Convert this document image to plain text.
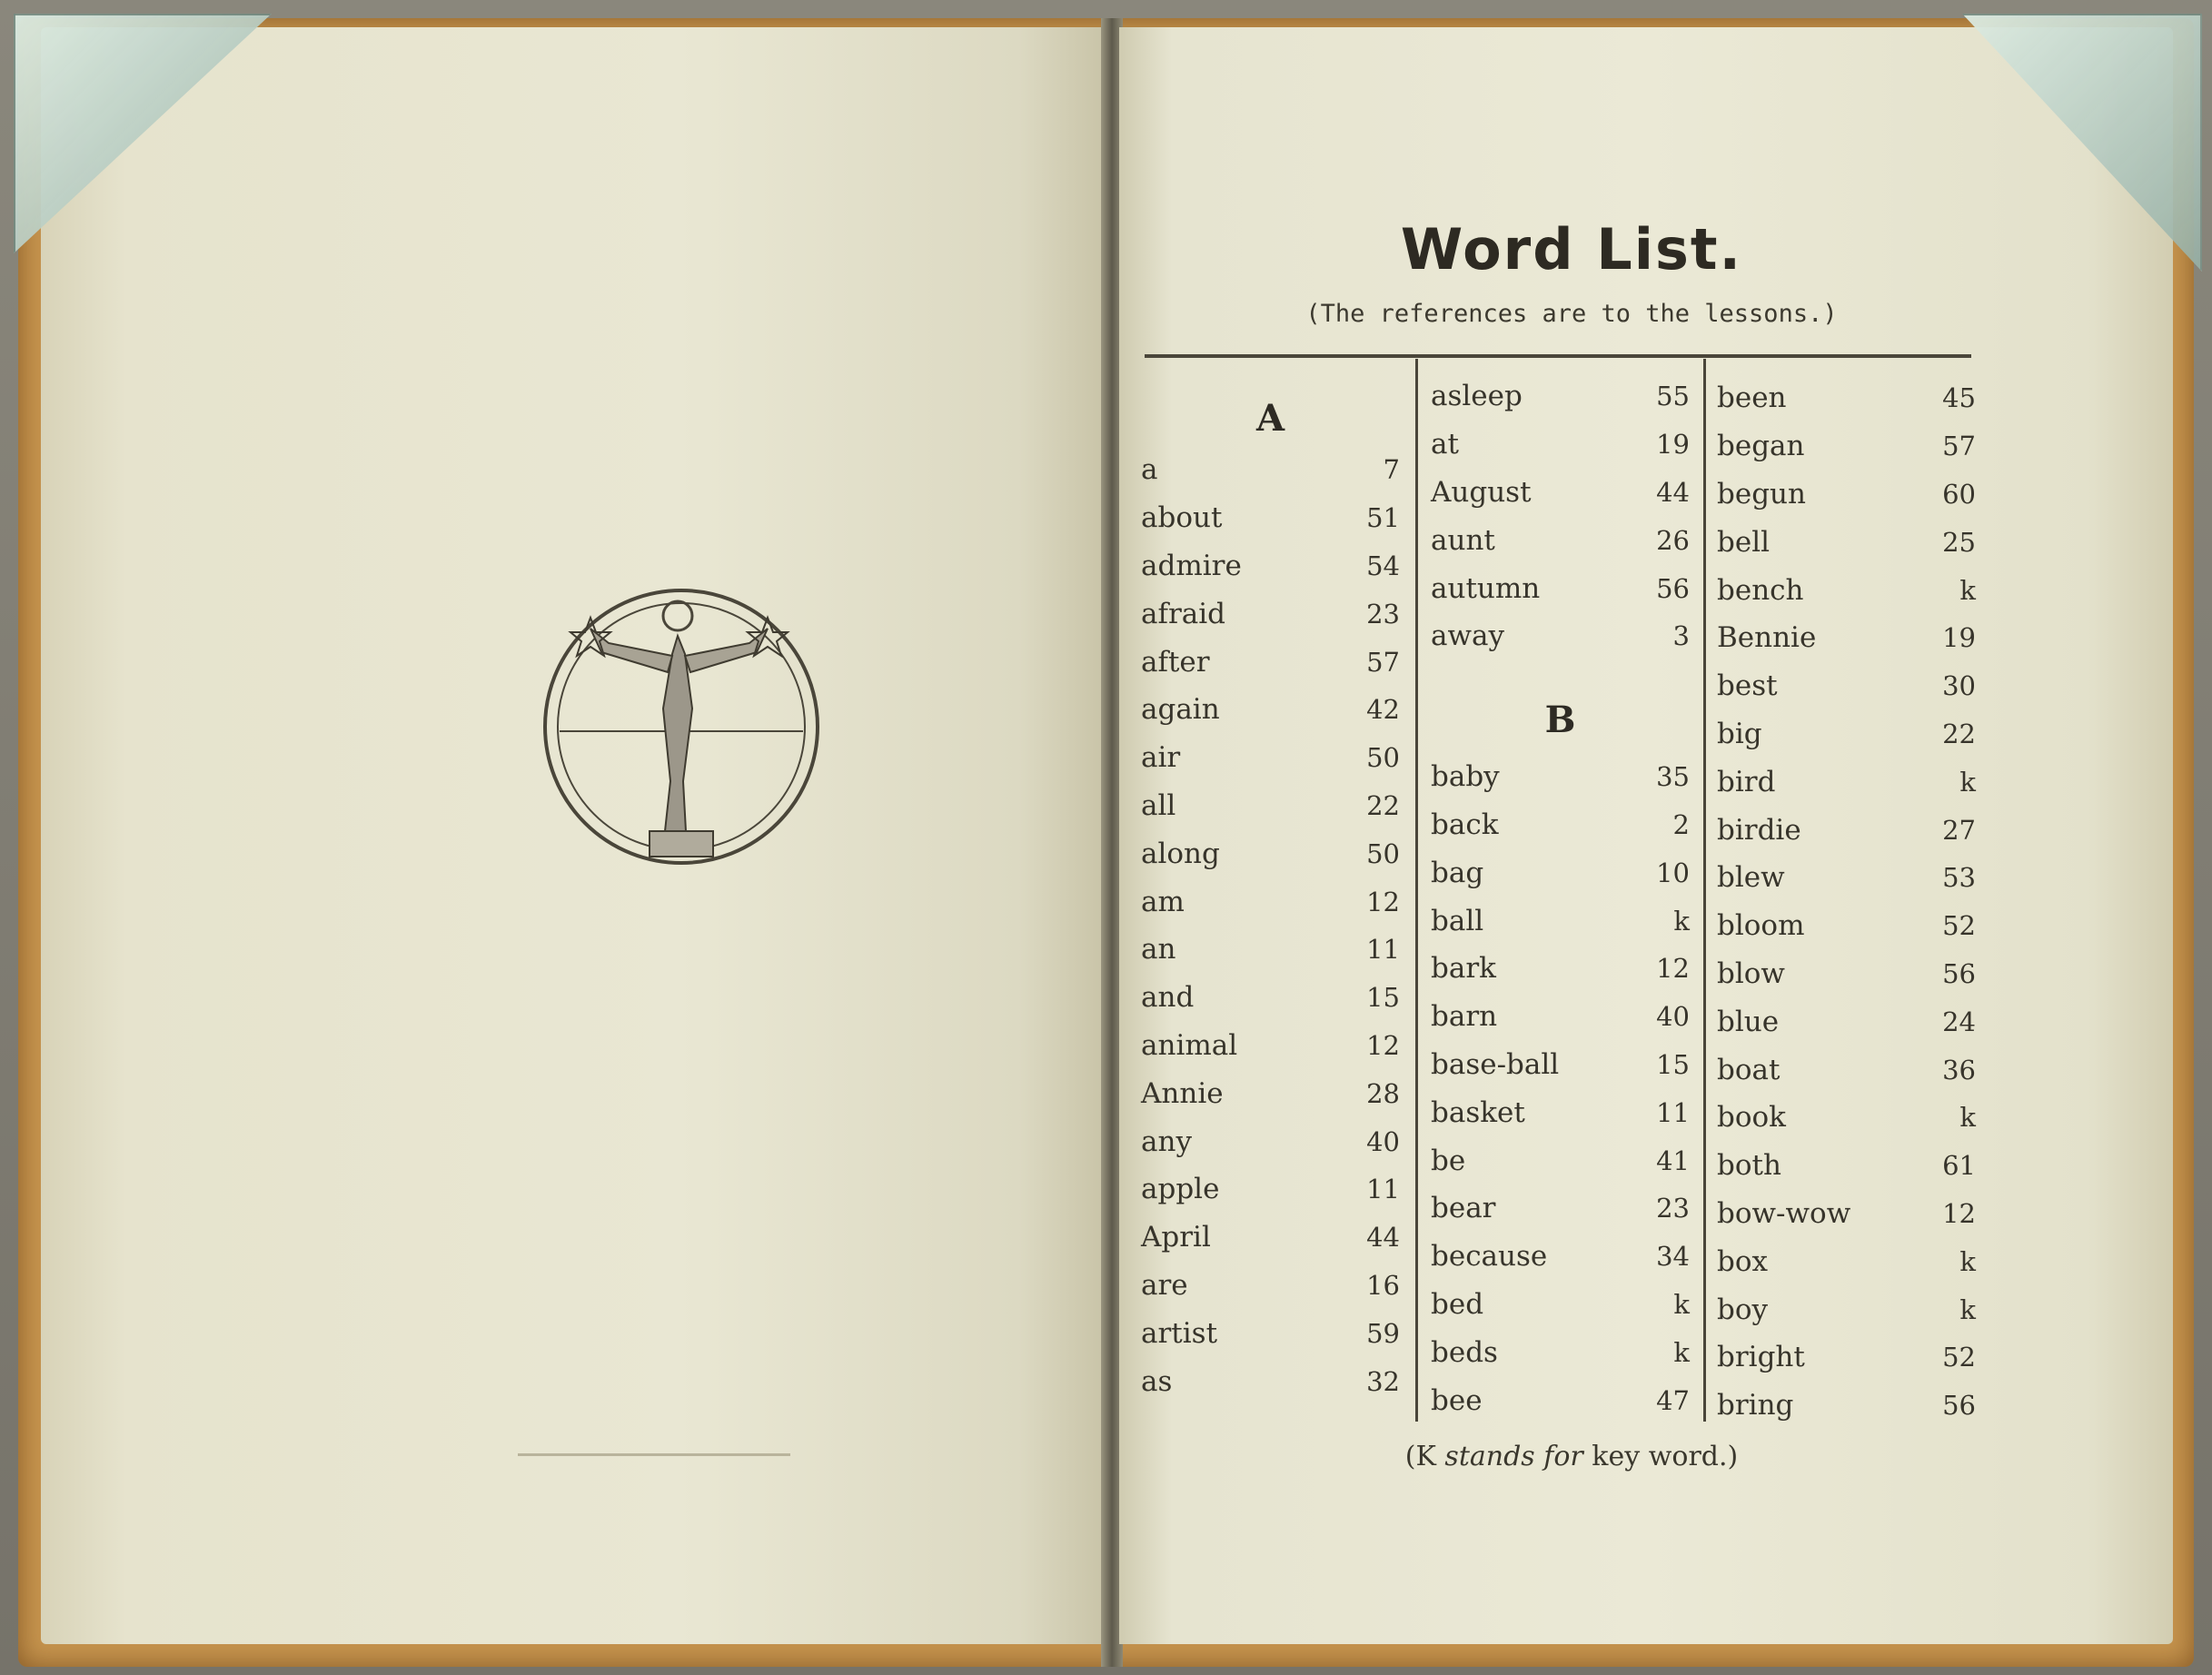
Word List.
(The references are to the lessons.)
A
a	7
about	51
admire	54
afraid	23
after	57
again	42
air	50
all	22
along	50
am	12
an	11
and	15
animal	12
Annie	28
any	40
apple	11
April	44
are	16
artist	59
as	32
asleep	55
at	19
August	44
aunt	26
autumn	56
away	3
B
baby	35
back	2
bag	10
ball	k
bark	12
barn	40
base-ball	15
basket	11
be	41
bear	23
because	34
bed	k
beds	k
bee	47
been	45
began	57
begun	60
bell	25
bench	k
Bennie	19
best	30
big	22
bird	k
birdie	27
blew	53
bloom	52
blow	56
blue	24
boat	36
book	k
both	61
bow-wow	12
box	k
boy	k
bright	52
bring	56
(K stands for key word.)
